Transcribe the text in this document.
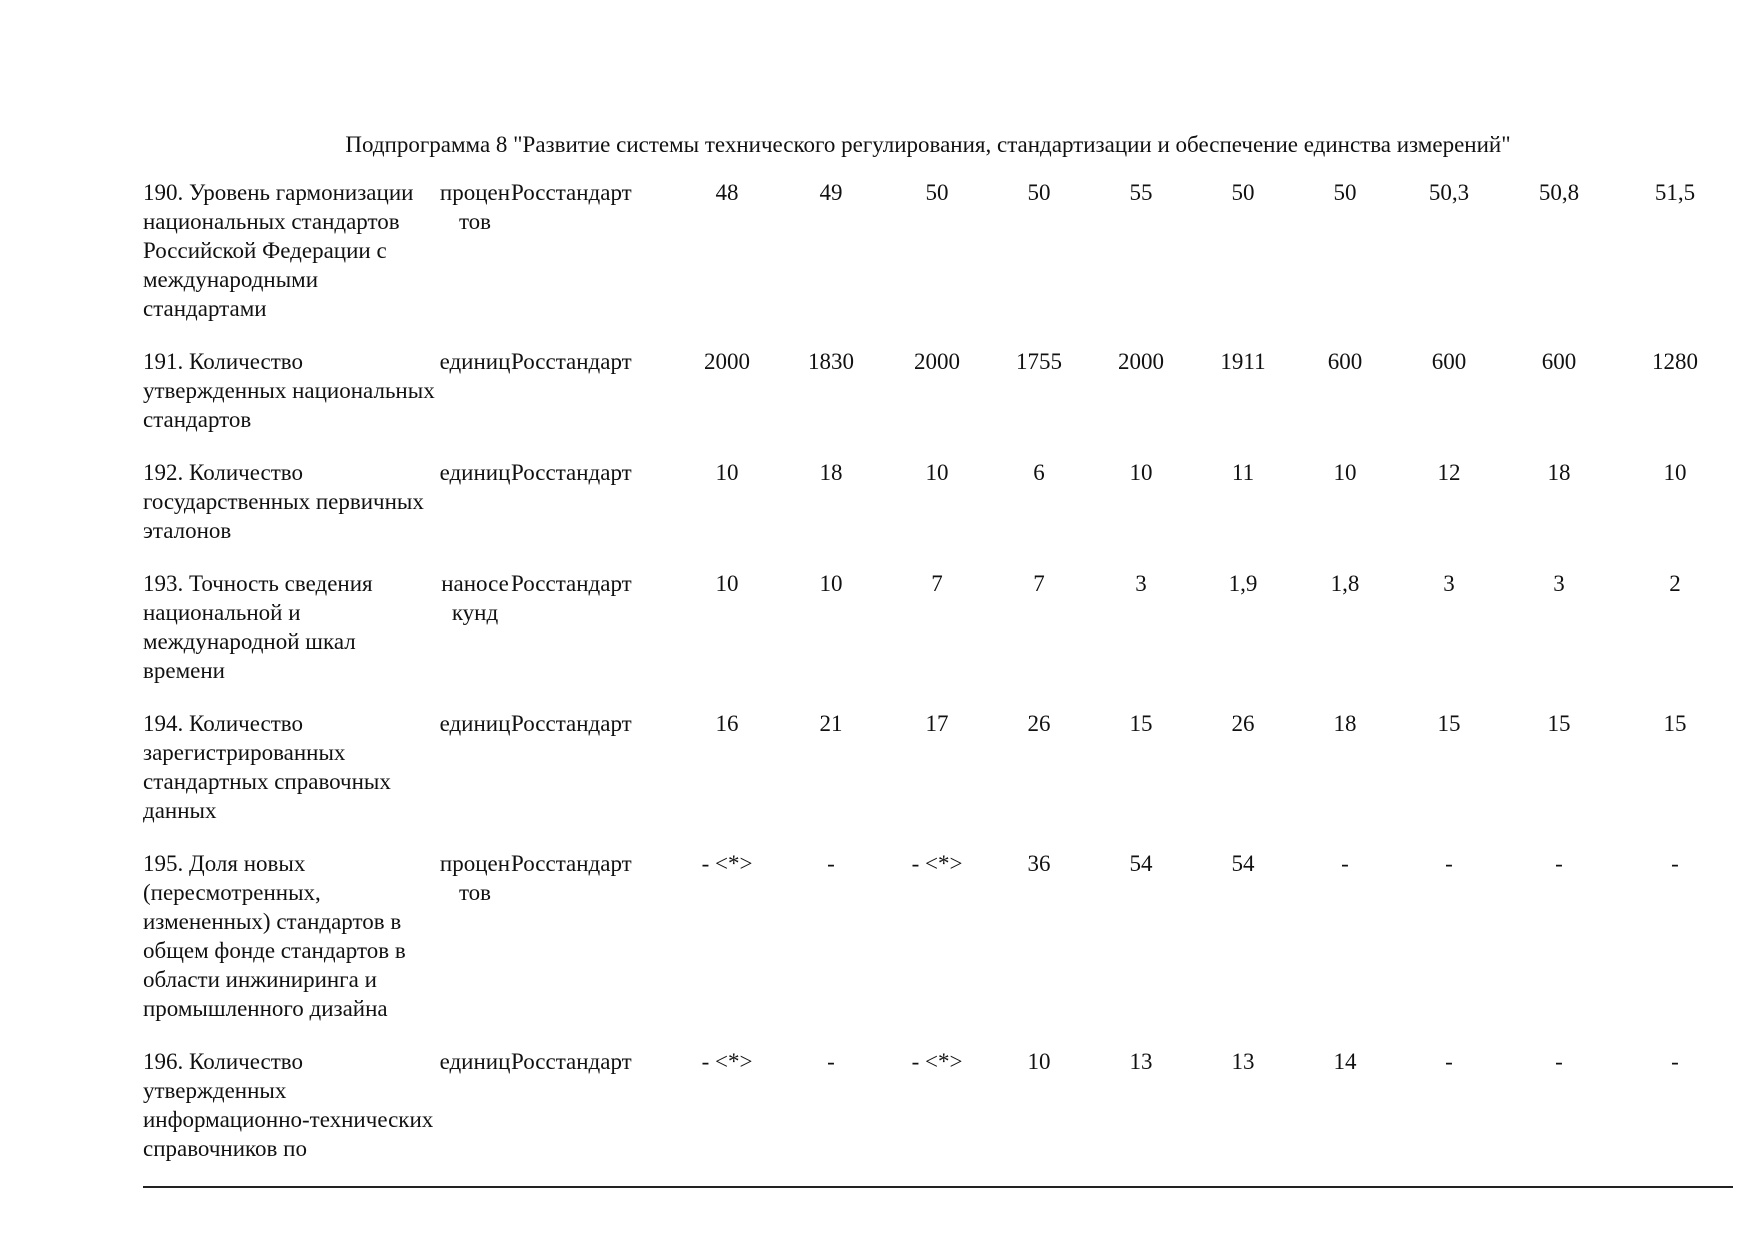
Подпрограмма 8 "Развитие системы технического регулирования, стандартизации и обеспечение единства измерений"
190. Уровень гармонизации национальных стандартов Российской Федерации с международными стандартами	процентов	Росстандарт	48	49	50	50	55	50	50	50,3	50,8	51,5
191. Количество утвержденных национальных стандартов	единиц	Росстандарт	2000	1830	2000	1755	2000	1911	600	600	600	1280
192. Количество государственных первичных эталонов	единиц	Росстандарт	10	18	10	6	10	11	10	12	18	10
193. Точность сведения национальной и международной шкал времени	наносекунд	Росстандарт	10	10	7	7	3	1,9	1,8	3	3	2
194. Количество зарегистрированных стандартных справочных данных	единиц	Росстандарт	16	21	17	26	15	26	18	15	15	15
195. Доля новых (пересмотренных, измененных) стандартов в общем фонде стандартов в области инжиниринга и промышленного дизайна	процентов	Росстандарт	- <*>	-	- <*>	36	54	54	-	-	-	-
196. Количество утвержденных информационно-технических справочников по	единиц	Росстандарт	- <*>	-	- <*>	10	13	13	14	-	-	-
